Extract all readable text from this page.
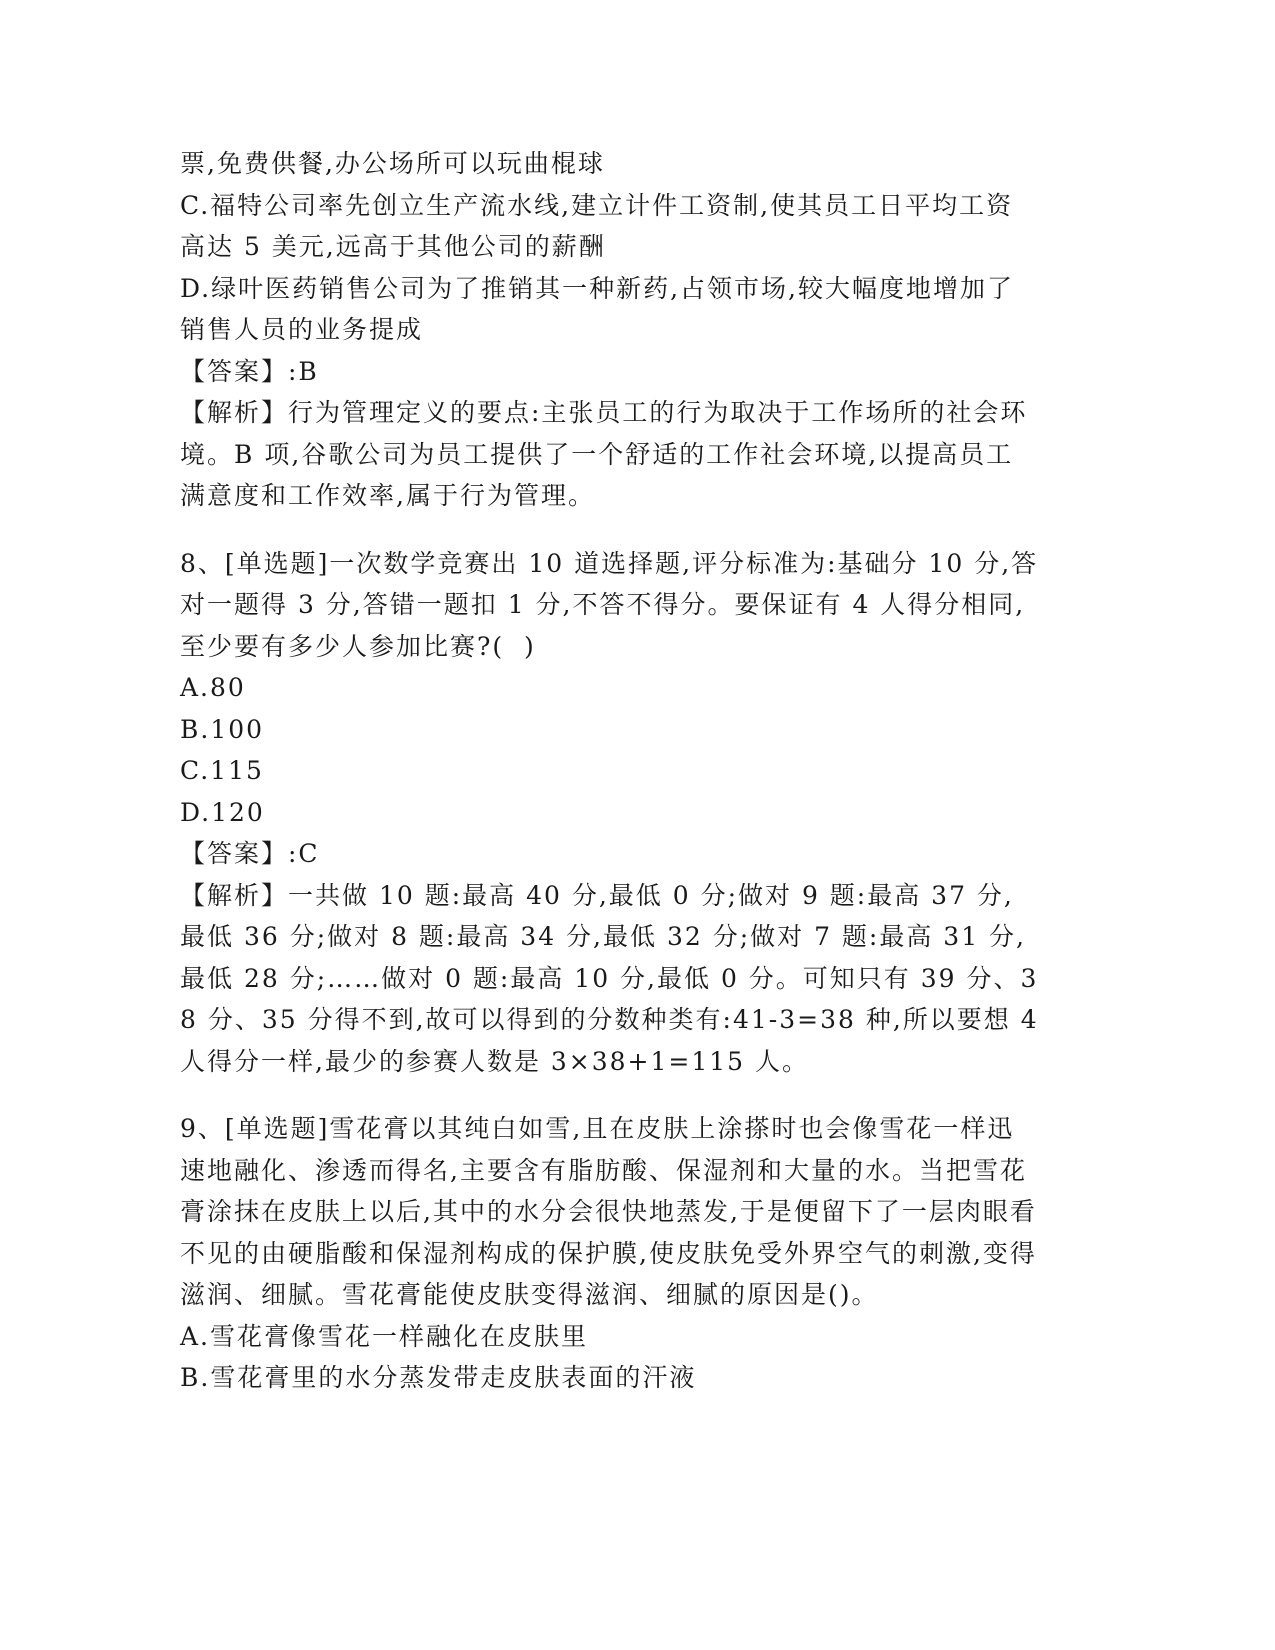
票,免费供餐,办公场所可以玩曲棍球

C.福特公司率先创立生产流水线,建立计件工资制,使其员工日平均工资高达 5 美元,远高于其他公司的薪酬

D.绿叶医药销售公司为了推销其一种新药,占领市场,较大幅度地增加了销售人员的业务提成

【答案】:B

【解析】行为管理定义的要点:主张员工的行为取决于工作场所的社会环境。B 项,谷歌公司为员工提供了一个舒适的工作社会环境,以提高员工满意度和工作效率,属于行为管理。

8、[单选题]一次数学竞赛出 10 道选择题,评分标准为:基础分 10 分,答对一题得 3 分,答错一题扣 1 分,不答不得分。要保证有 4 人得分相同,至少要有多少人参加比赛?(  )

A.80

B.100

C.115

D.120

【答案】:C

【解析】一共做 10 题:最高 40 分,最低 0 分;做对 9 题:最高 37 分,最低 36 分;做对 8 题:最高 34 分,最低 32 分;做对 7 题:最高 31 分,最低 28 分;……做对 0 题:最高 10 分,最低 0 分。可知只有 39 分、38 分、35 分得不到,故可以得到的分数种类有:41-3=38 种,所以要想 4 人得分一样,最少的参赛人数是 3×38+1=115 人。

9、[单选题]雪花膏以其纯白如雪,且在皮肤上涂搽时也会像雪花一样迅速地融化、渗透而得名,主要含有脂肪酸、保湿剂和大量的水。当把雪花膏涂抹在皮肤上以后,其中的水分会很快地蒸发,于是便留下了一层肉眼看不见的由硬脂酸和保湿剂构成的保护膜,使皮肤免受外界空气的刺激,变得滋润、细腻。雪花膏能使皮肤变得滋润、细腻的原因是()。

A.雪花膏像雪花一样融化在皮肤里

B.雪花膏里的水分蒸发带走皮肤表面的汗液
